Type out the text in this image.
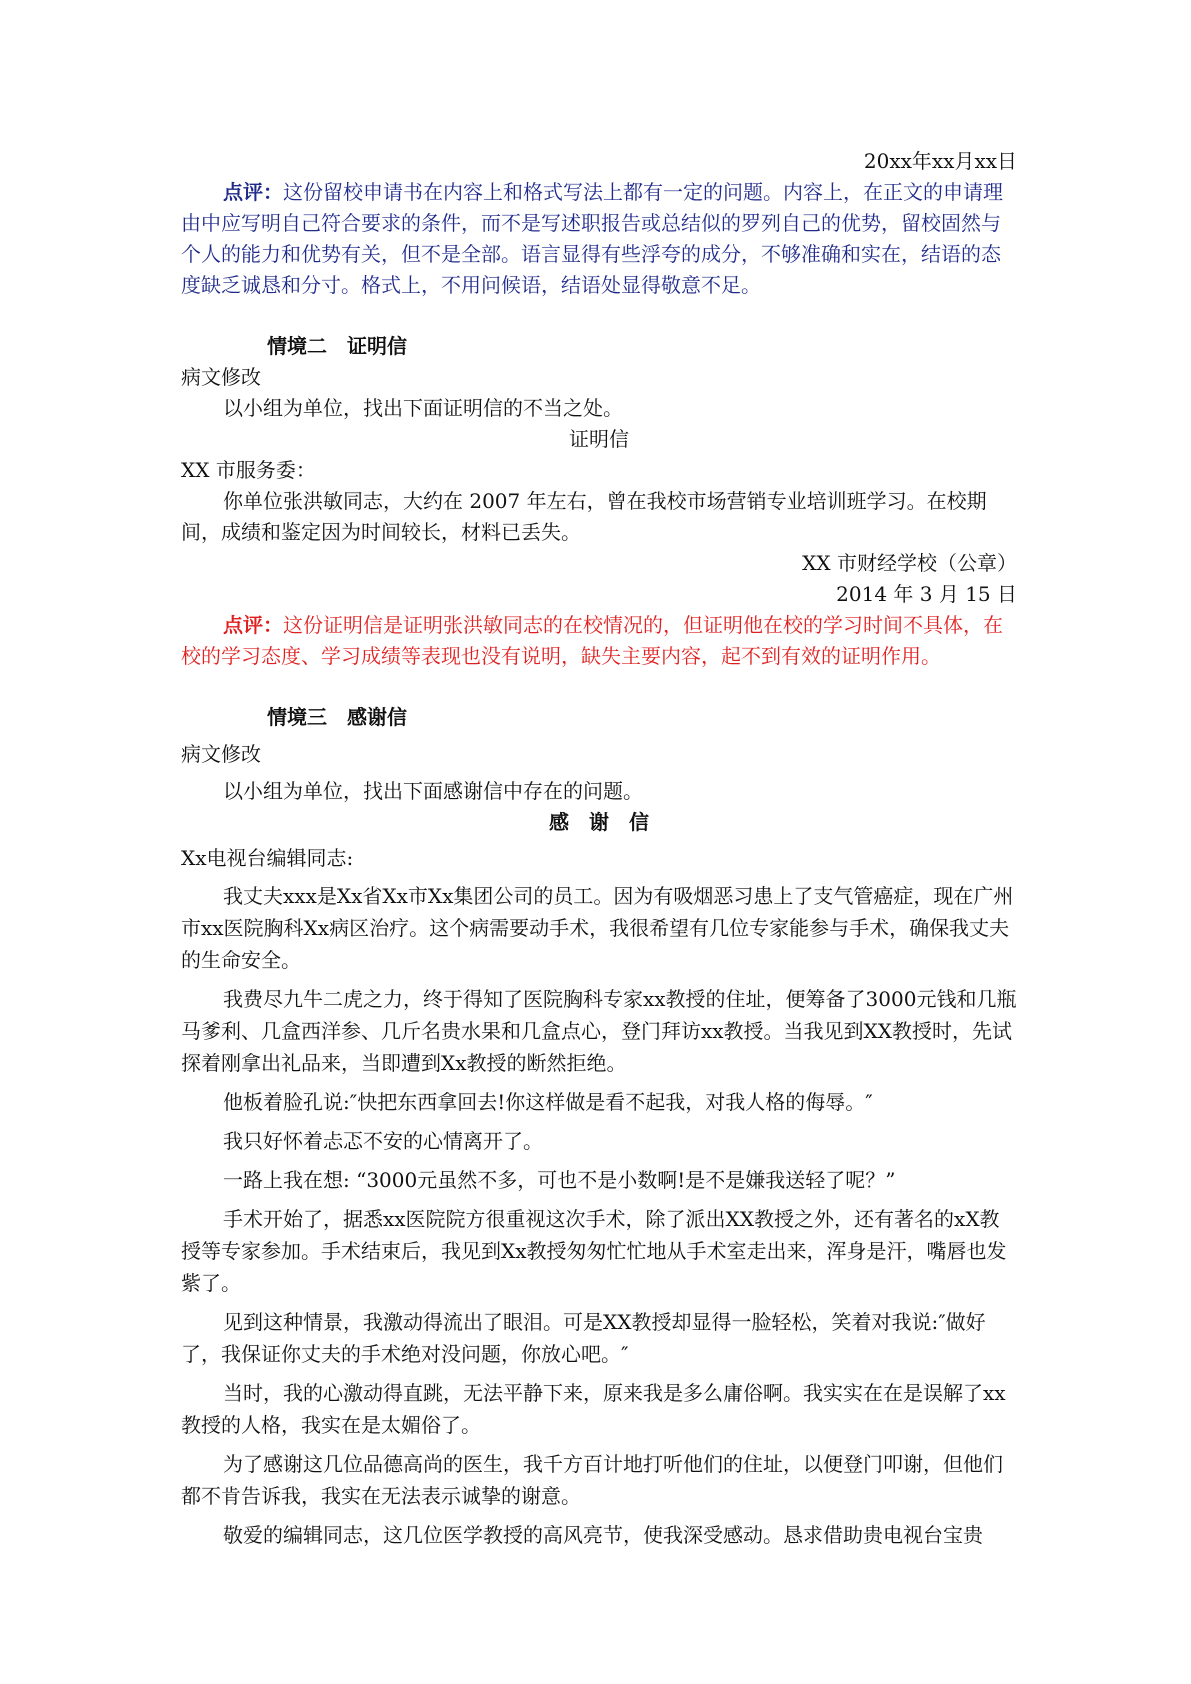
20xx年xx月xx日

点评：这份留校申请书在内容上和格式写法上都有一定的问题。内容上，在正文的申请理由中应写明自己符合要求的条件，而不是写述职报告或总结似的罗列自己的优势，留校固然与个人的能力和优势有关，但不是全部。语言显得有些浮夸的成分，不够准确和实在，结语的态度缺乏诚恳和分寸。格式上，不用问候语，结语处显得敬意不足。

情境二　证明信

病文修改

以小组为单位，找出下面证明信的不当之处。

证明信

XX 市服务委：

你单位张洪敏同志，大约在 2007 年左右，曾在我校市场营销专业培训班学习。在校期间，成绩和鉴定因为时间较长，材料已丢失。

XX 市财经学校（公章）

2014 年 3 月 15 日

点评：这份证明信是证明张洪敏同志的在校情况的，但证明他在校的学习时间不具体，在校的学习态度、学习成绩等表现也没有说明，缺失主要内容，起不到有效的证明作用。

情境三　感谢信

病文修改

以小组为单位，找出下面感谢信中存在的问题。

感谢信

Xx电视台编辑同志:

我丈夫xxx是Xx省Xx市Xx集团公司的员工。因为有吸烟恶习患上了支气管癌症，现在广州市xx医院胸科Xx病区治疗。这个病需要动手术，我很希望有几位专家能参与手术，确保我丈夫的生命安全。

我费尽九牛二虎之力，终于得知了医院胸科专家xx教授的住址，便筹备了3000元钱和几瓶马爹利、几盒西洋参、几斤名贵水果和几盒点心，登门拜访xx教授。当我见到XX教授时，先试探着刚拿出礼品来，当即遭到Xx教授的断然拒绝。

他板着脸孔说:″快把东西拿回去!你这样做是看不起我，对我人格的侮辱。″

我只好怀着忐忑不安的心情离开了。

一路上我在想: “3000元虽然不多，可也不是小数啊!是不是嫌我送轻了呢？”

手术开始了，据悉xx医院院方很重视这次手术，除了派出XX教授之外，还有著名的xX教授等专家参加。手术结束后，我见到Xx教授匆匆忙忙地从手术室走出来，浑身是汗，嘴唇也发紫了。

见到这种情景，我激动得流出了眼泪。可是XX教授却显得一脸轻松，笑着对我说:″做好了，我保证你丈夫的手术绝对没问题，你放心吧。″

当时，我的心激动得直跳，无法平静下来，原来我是多么庸俗啊。我实实在在是误解了xx教授的人格，我实在是太媚俗了。

为了感谢这几位品德高尚的医生，我千方百计地打听他们的住址，以便登门叩谢，但他们都不肯告诉我，我实在无法表示诚挚的谢意。

敬爱的编辑同志，这几位医学教授的高风亮节，使我深受感动。恳求借助贵电视台宝贵
